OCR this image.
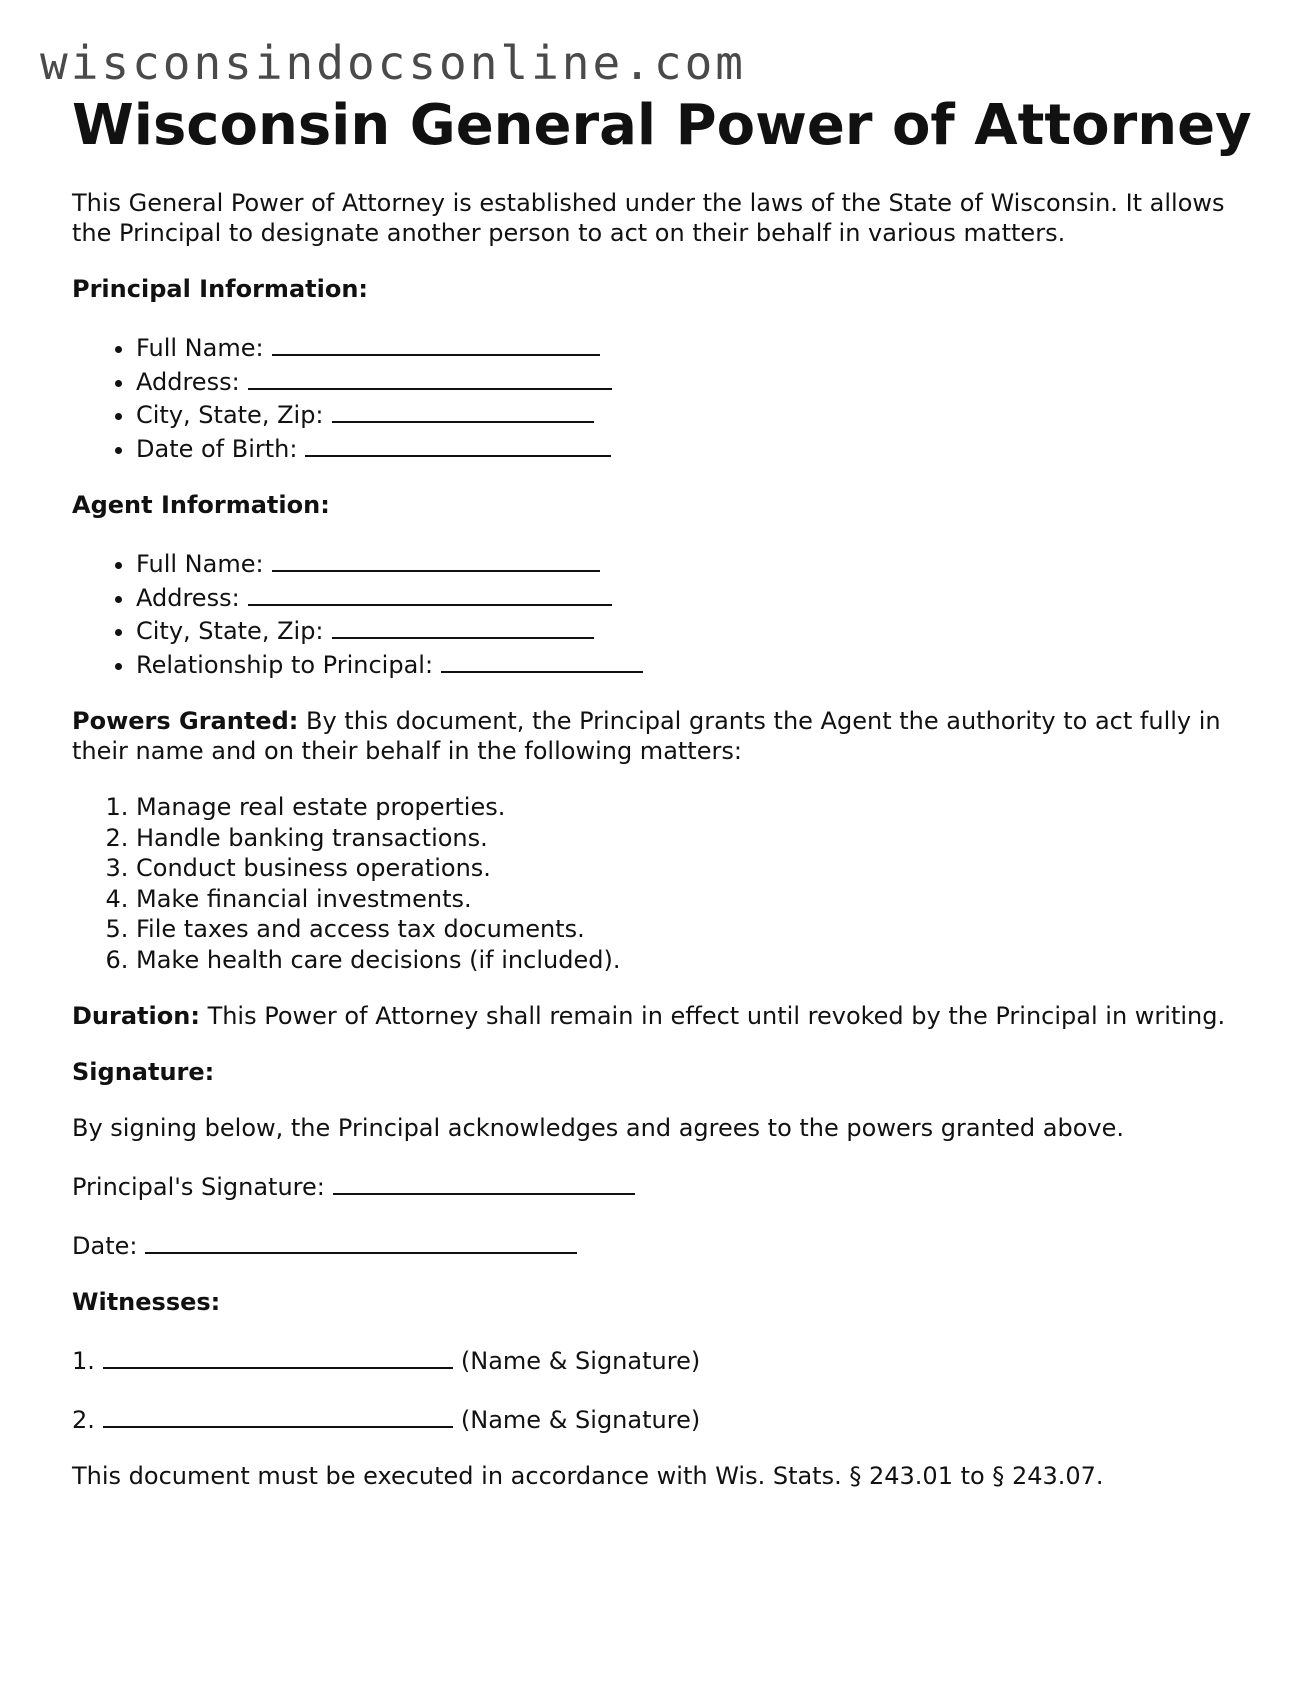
wisconsindocsonline.com
Wisconsin General Power of Attorney

This General Power of Attorney is established under the laws of the State of Wisconsin. It allows the Principal to designate another person to act on their behalf in various matters.

Principal Information:

• Full Name:
• Address:
• City, State, Zip:
• Date of Birth:

Agent Information:

• Full Name:
• Address:
• City, State, Zip:
• Relationship to Principal:

Powers Granted: By this document, the Principal grants the Agent the authority to act fully in their name and on their behalf in the following matters:

1. Manage real estate properties.
2. Handle banking transactions.
3. Conduct business operations.
4. Make financial investments.
5. File taxes and access tax documents.
6. Make health care decisions (if included).

Duration: This Power of Attorney shall remain in effect until revoked by the Principal in writing.

Signature:

By signing below, the Principal acknowledges and agrees to the powers granted above.

Principal's Signature:

Date:

Witnesses:

1.	(Name & Signature)

2.	(Name & Signature)

This document must be executed in accordance with Wis. Stats. § 243.01 to § 243.07.
